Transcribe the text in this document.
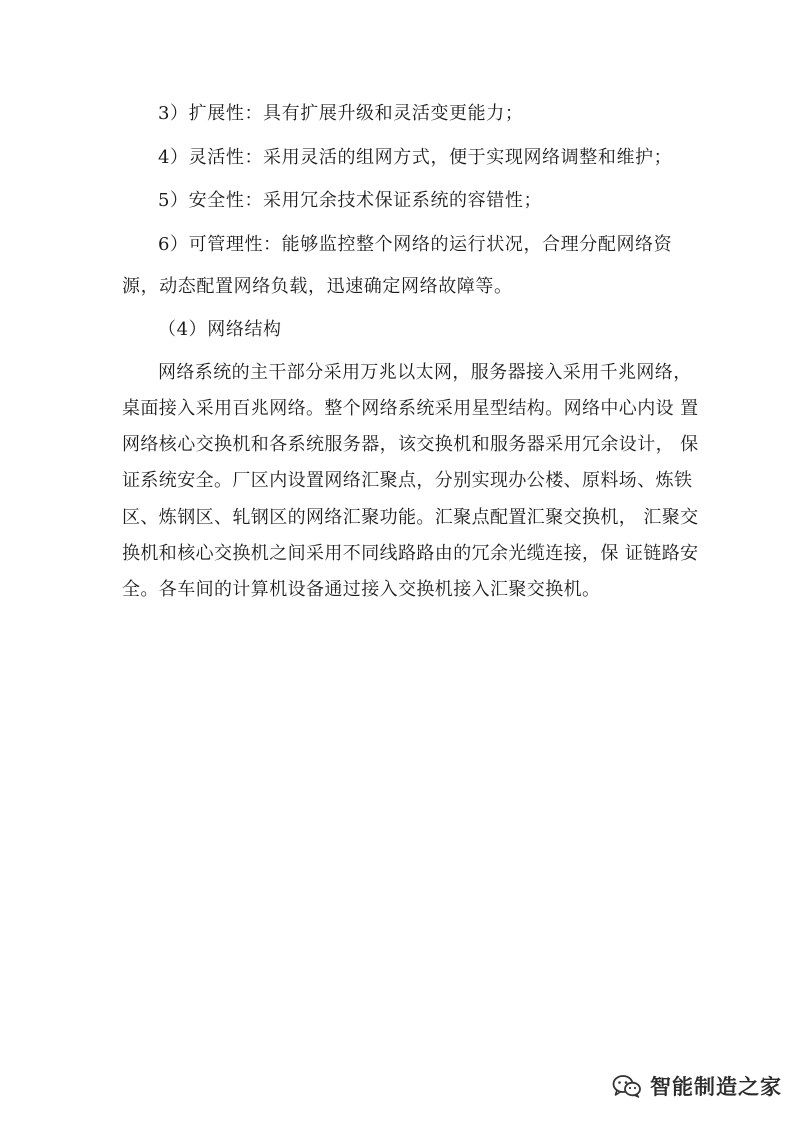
3）扩展性：具有扩展升级和灵活变更能力；
4）灵活性：采用灵活的组网方式，便于实现网络调整和维护；
5）安全性：采用冗余技术保证系统的容错性；
6）可管理性：能够监控整个网络的运行状况，合理分配网络资
源，动态配置网络负载，迅速确定网络故障等。
（4）网络结构
网络系统的主干部分采用万兆以太网，服务器接入采用千兆网络，
桌面接入采用百兆网络。整个网络系统采用星型结构。网络中心内设 置
网络核心交换机和各系统服务器，该交换机和服务器采用冗余设计， 保
证系统安全。厂区内设置网络汇聚点，分别实现办公楼、原料场、炼铁
区、炼钢区、轧钢区的网络汇聚功能。汇聚点配置汇聚交换机， 汇聚交
换机和核心交换机之间采用不同线路路由的冗余光缆连接，保 证链路安
全。各车间的计算机设备通过接入交换机接入汇聚交换机。
智能制造之家
